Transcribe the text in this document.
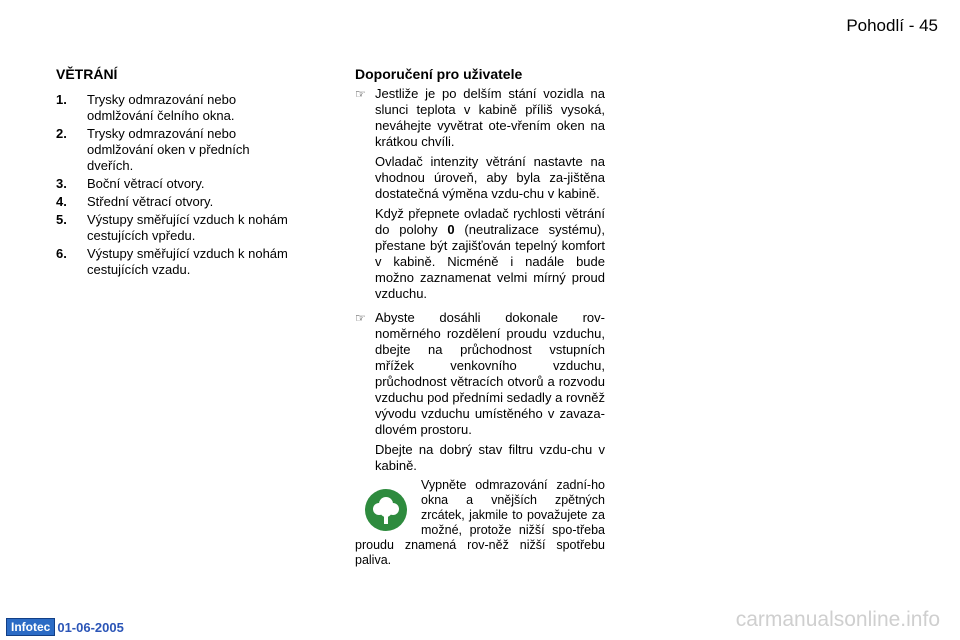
Pohodlí - 45
VĚTRÁNÍ
1.	Trysky odmrazování nebo odmlžování čelního okna.
2.	Trysky odmrazování nebo odmlžování oken v předních dveřích.
3.	Boční větrací otvory.
4.	Střední větrací otvory.
5.	Výstupy směřující vzduch k nohám cestujících vpředu.
6.	Výstupy směřující vzduch k nohám cestujících vzadu.
Doporučení pro uživatele
☞ Jestliže je po delším stání vozidla na slunci teplota v kabině příliš vysoká, neváhejte vyvětrat ote-vřením oken na krátkou chvíli.

Ovladač intenzity větrání nastavte na vhodnou úroveň, aby byla za-jištěna dostatečná výměna vzdu-chu v kabině.

Když přepnete ovladač rychlosti větrání do polohy 0 (neutralizace systému), přestane být zajišťován tepelný komfort v kabině. Nicméně i nadále bude možno zaznamenat velmi mírný proud vzduchu.

☞ Abyste dosáhli dokonale rov-noměrného rozdělení proudu vzduchu, dbejte na průchodnost vstupních mřížek venkovního vzduchu, průchodnost větracích otvorů a rozvodu vzduchu pod předními sedadly a rovněž vývodu vzduchu umístěného v zavaza-dlovém prostoru.

Dbejte na dobrý stav filtru vzdu-chu v kabině.

Vypněte odmrazování zadní-ho okna a vnějších zpětných zrcátek, jakmile to považujete za možné, protože nižší spo-třeba proudu znamená rov-něž nižší spotřebu paliva.
Infotec 01-06-2005	carmanualsonline.info
